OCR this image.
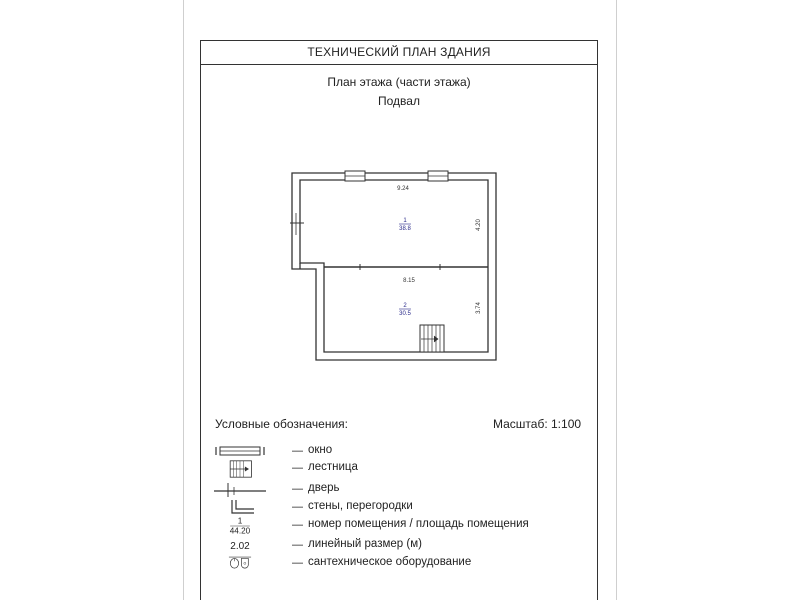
ТЕХНИЧЕСКИЙ ПЛАН ЗДАНИЯ
План этажа (части этажа)
Подвал
9.24
1
38.8	4.20
8.15
2
30.5
3.74
Условные обозначения:	Масштаб: 1:100
— окно
— лестница
— дверь
— стены, перегородки
1
44.20	— номер помещения / площадь помещения
2.02	— линейный размер (м)
— сантехническое оборудование
